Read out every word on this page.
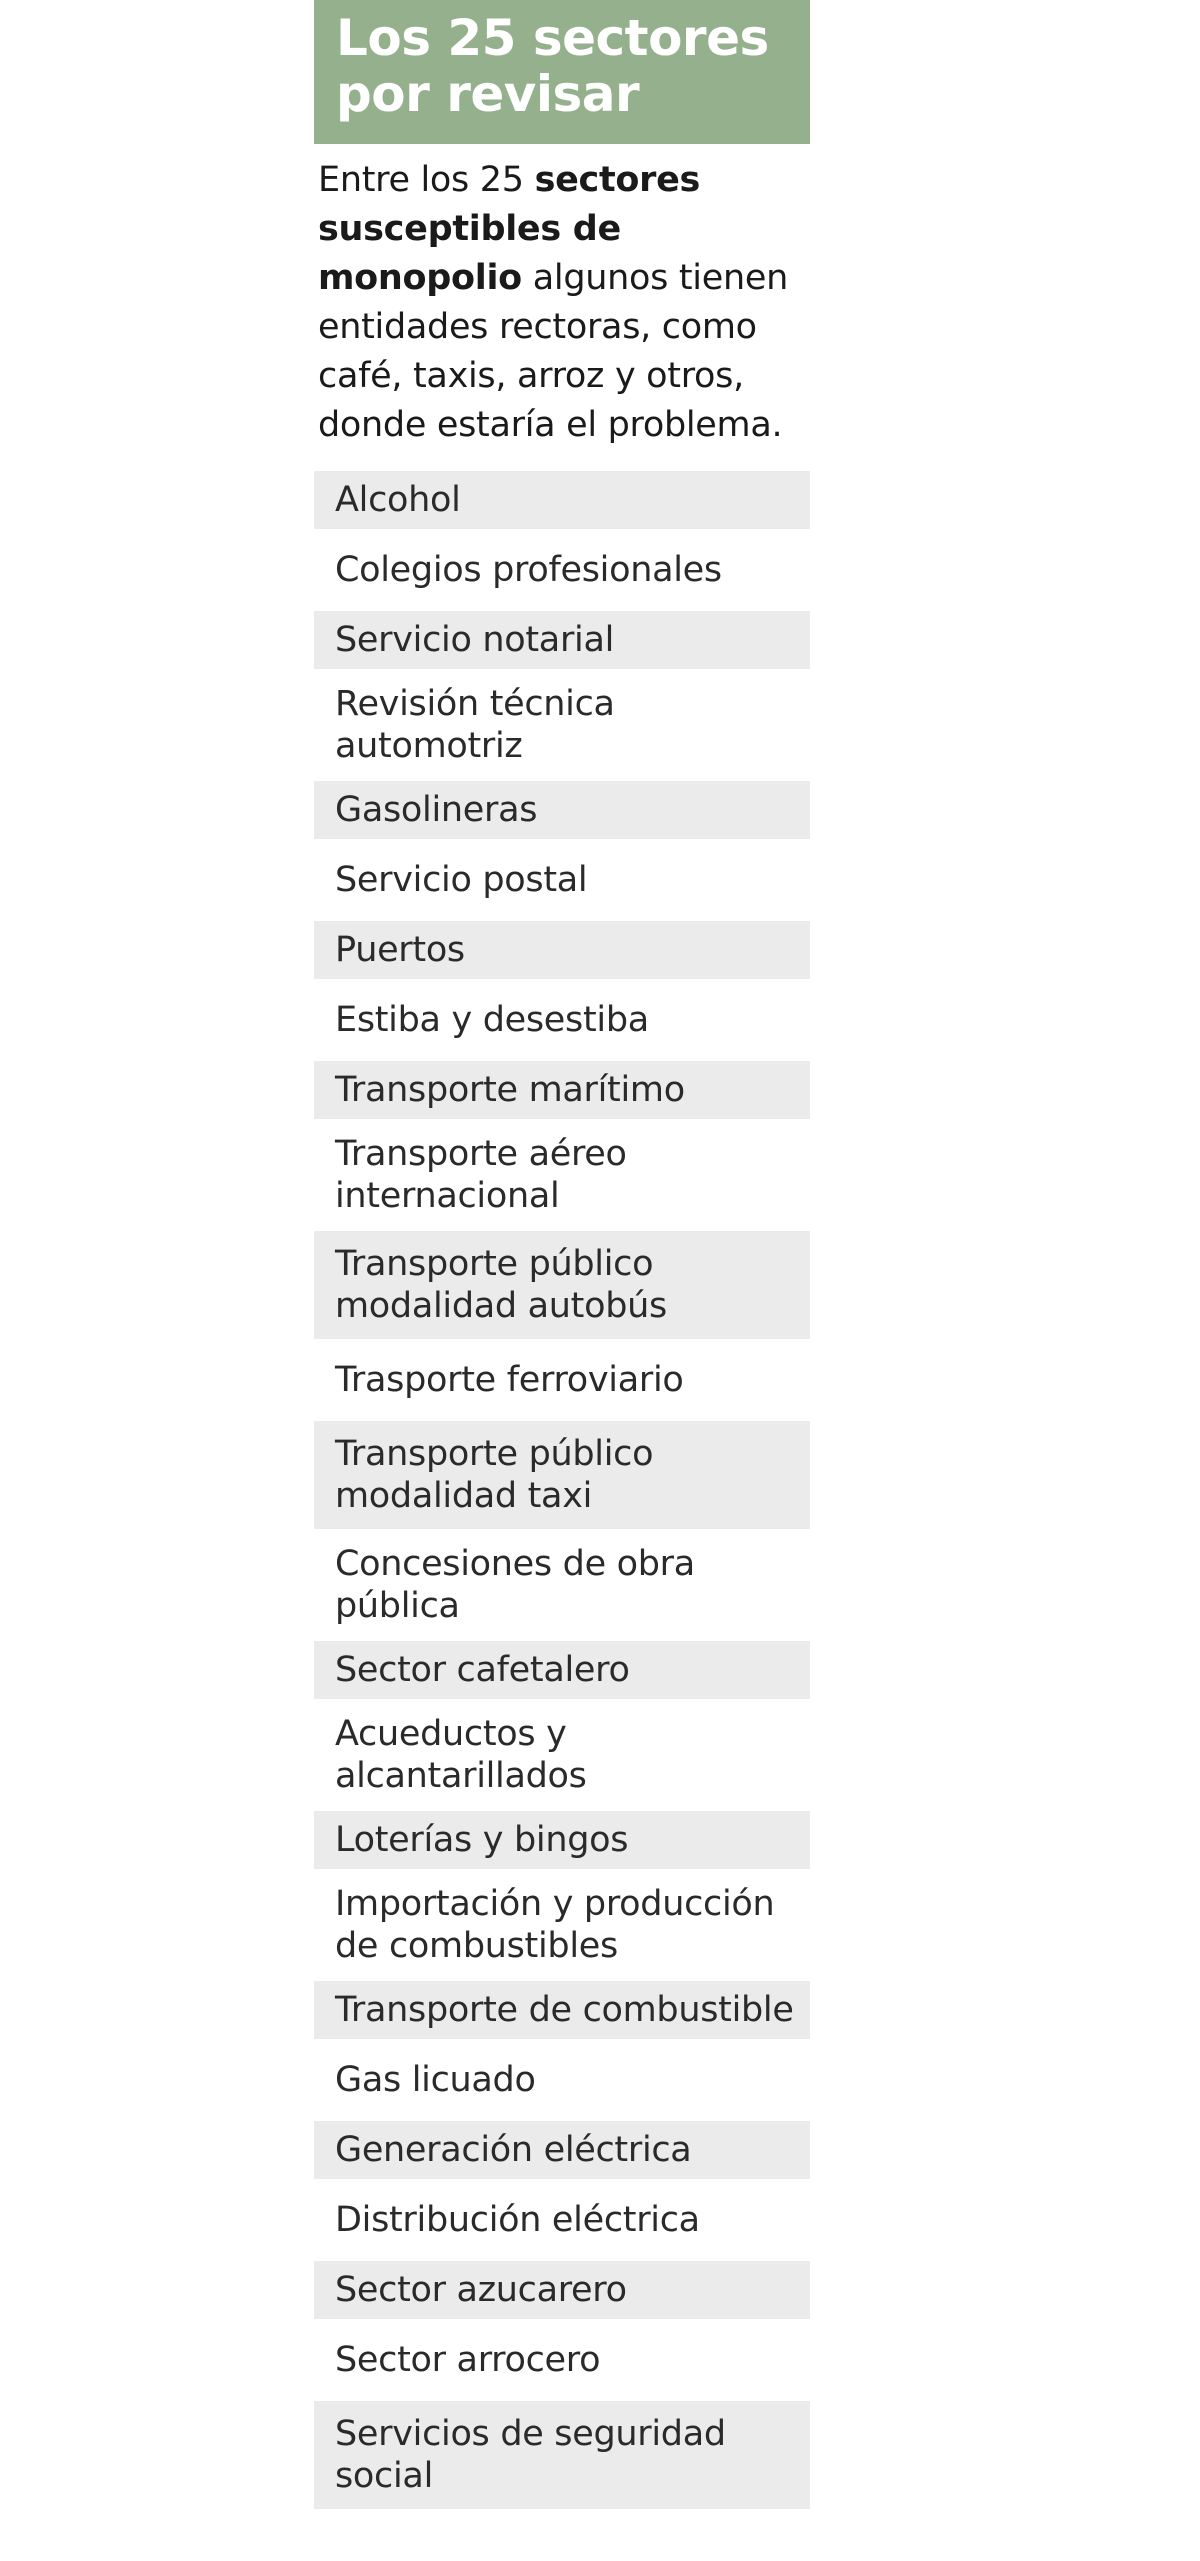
Los 25 sectores
por revisar
Entre los 25 sectores susceptibles de monopolio algunos tienen entidades rectoras, como café, taxis, arroz y otros, donde estaría el problema.
Alcohol
Colegios profesionales
Servicio notarial
Revisión técnica
automotriz
Gasolineras
Servicio postal
Puertos
Estiba y desestiba
Transporte marítimo
Transporte aéreo
internacional
Transporte público
modalidad autobús
Trasporte ferroviario
Transporte público
modalidad taxi
Concesiones de obra
pública
Sector cafetalero
Acueductos y
alcantarillados
Loterías y bingos
Importación y producción
de combustibles
Transporte de combustible
Gas licuado
Generación eléctrica
Distribución eléctrica
Sector azucarero
Sector arrocero
Servicios de seguridad
social
